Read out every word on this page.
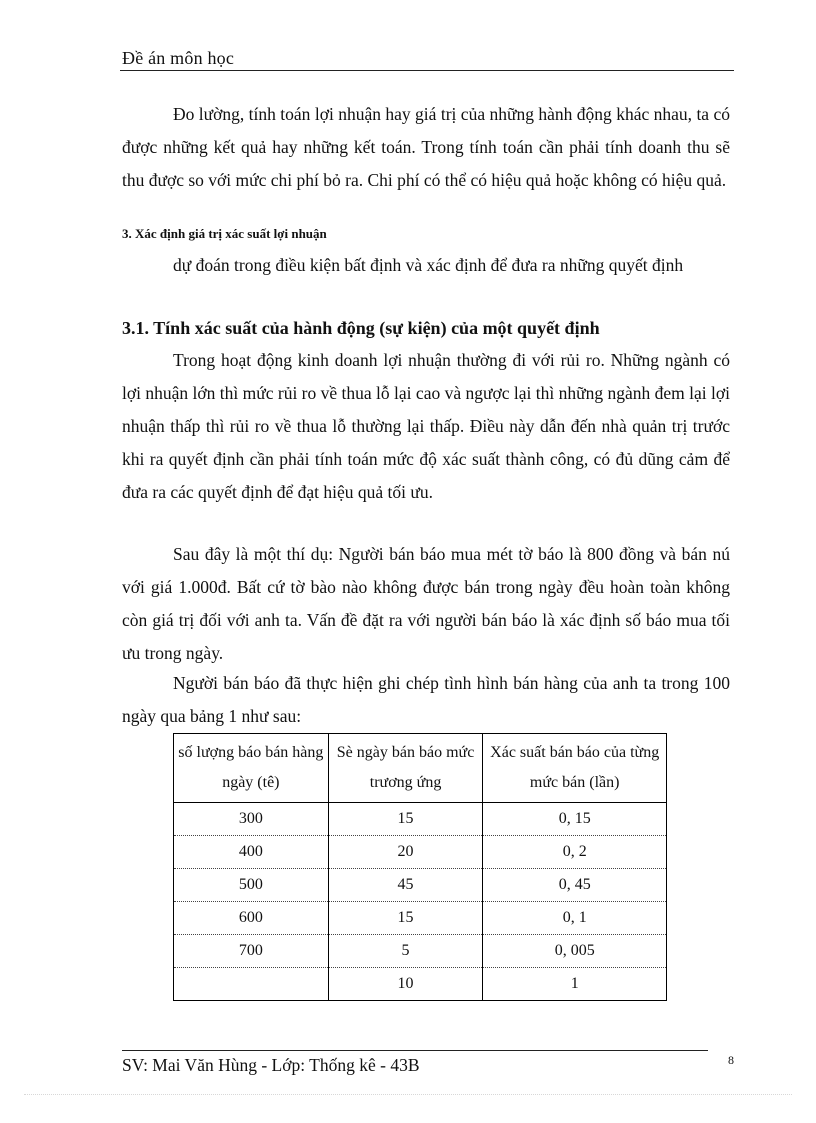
Đề án môn học

Đo lường, tính toán lợi nhuận hay giá trị của những hành động khác nhau, ta có được những kết quả hay những kết toán. Trong tính toán cần phải tính doanh thu sẽ thu được so với mức chi phí bỏ ra. Chi phí có thể có hiệu quả hoặc không có hiệu quả.

3. Xác định giá trị xác suất lợi nhuận

dự đoán trong điều kiện bất định và xác định để đưa ra những quyết định

3.1. Tính xác suất của hành động (sự kiện) của một quyết định

Trong hoạt động kinh doanh lợi nhuận thường đi với rủi ro. Những ngành có lợi nhuận lớn thì mức rủi ro về thua lỗ lại cao và ngược lại thì những ngành đem lại lợi nhuận thấp thì rủi ro về thua lỗ thường lại thấp. Điều này dẫn đến nhà quản trị trước khi ra quyết định cần phải tính toán mức độ xác suất thành công, có đủ dũng cảm để đưa ra các quyết định để đạt hiệu quả tối ưu.

Sau đây là một thí dụ: Người bán báo mua mét tờ báo là 800 đồng và bán nú với giá 1.000đ. Bất cứ tờ bào nào không được bán trong ngày đều hoàn toàn không còn giá trị đối với anh ta. Vấn đề đặt ra với người bán báo là xác định số báo mua tối ưu trong ngày.

Người bán báo đã thực hiện ghi chép tình hình bán hàng của anh ta trong 100 ngày qua bảng 1 như sau:

số lượng báo bán hàng ngày (tê)	Sè ngày bán báo mức trương ứng	Xác suất bán báo của từng mức bán (lần)
300	15	0, 15
400	20	0, 2
500	45	0, 45
600	15	0, 1
700	5	0, 005
	10	1
SV: Mai Văn Hùng - Lớp: Thống kê - 43B	8
